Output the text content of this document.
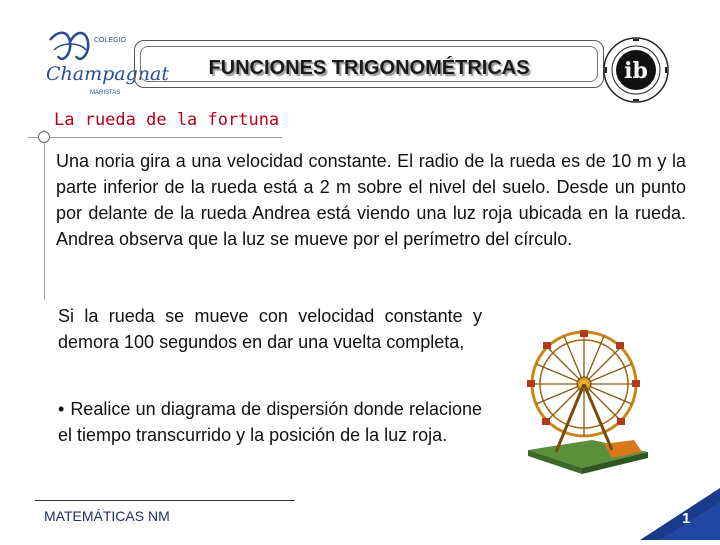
COLEGIO
Champagnat
MARISTAS
FUNCIONES TRIGONOMÉTRICAS	ib
La rueda de la fortuna

Una noria gira a una velocidad constante. El radio de la rueda es de 10 m y la parte inferior de la rueda está a 2 m sobre el nivel del suelo. Desde un punto por delante de la rueda Andrea está viendo una luz roja ubicada en la rueda. Andrea observa que la luz se mueve por el perímetro del círculo.

Si la rueda se mueve con velocidad constante y demora 100 segundos en dar una vuelta completa,

• Realice un diagrama de dispersión donde relacione el tiempo transcurrido y la posición de la luz roja.

MATEMÁTICAS NM	1
